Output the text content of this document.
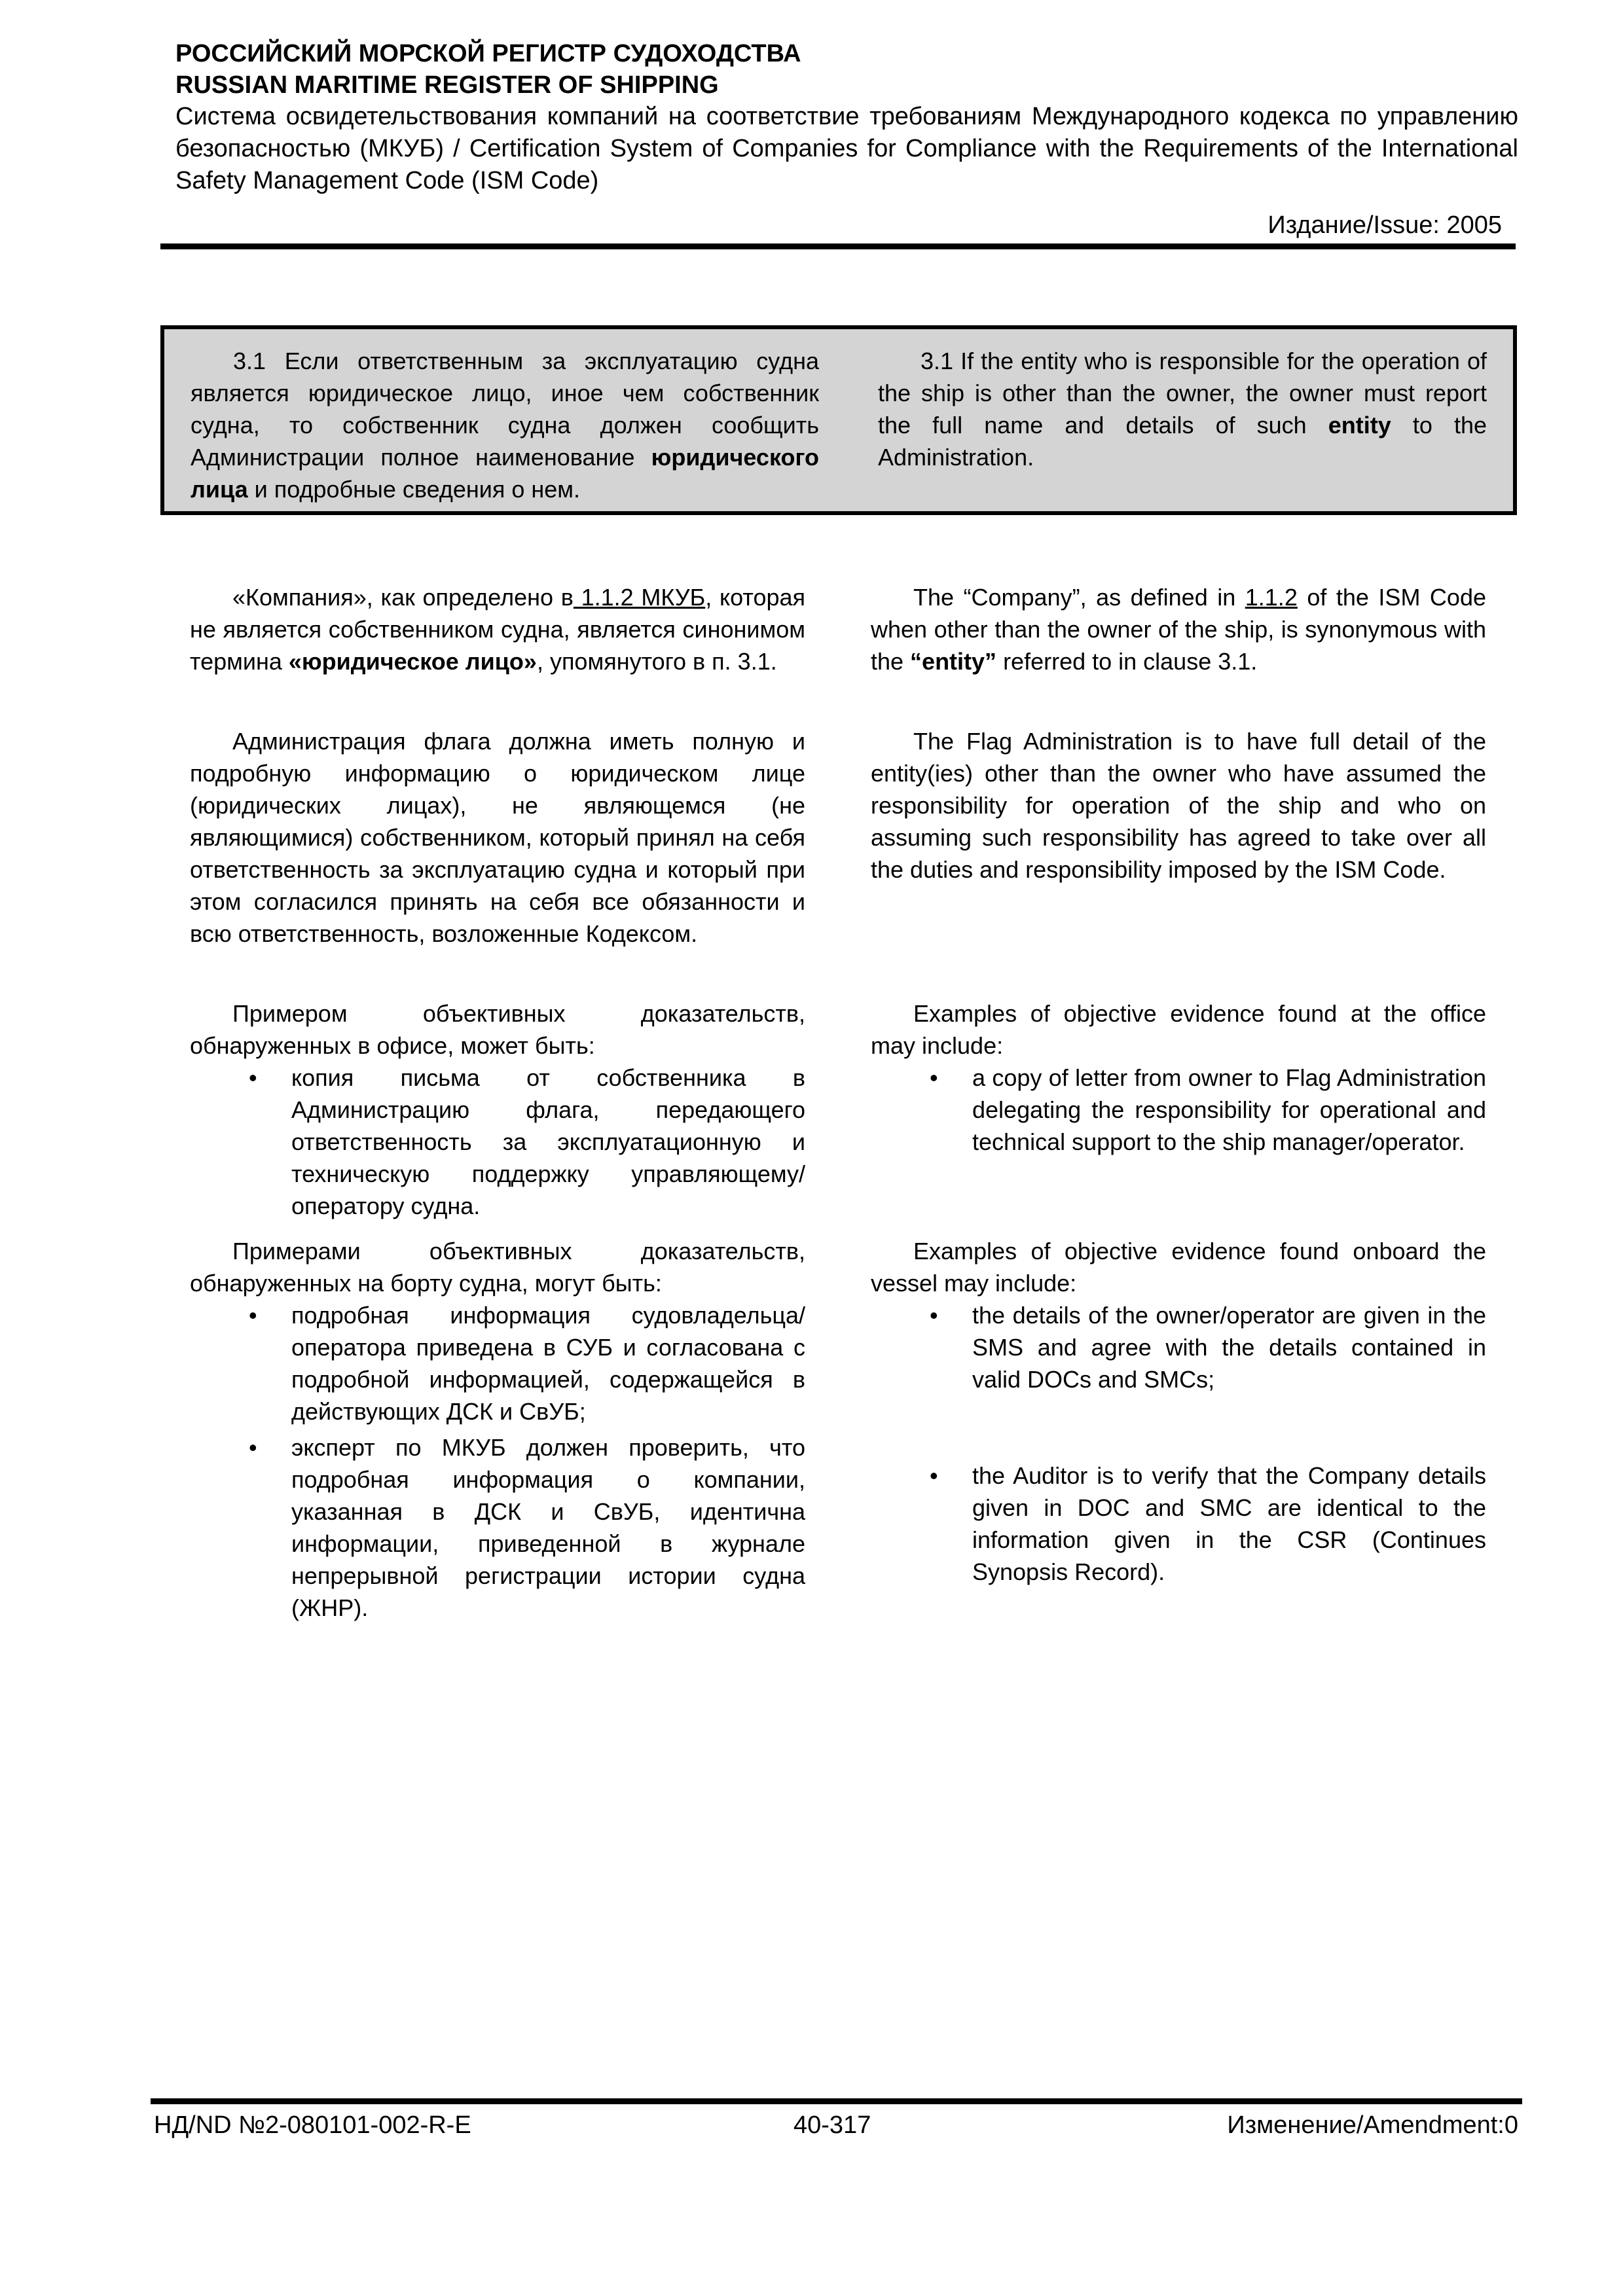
РОССИЙСКИЙ МОРСКОЙ РЕГИСТР СУДОХОДСТВА
RUSSIAN MARITIME REGISTER OF SHIPPING
Система освидетельствования компаний на соответствие требованиям Международного кодекса по управлению безопасностью (МКУБ) / Certification System of Companies for Compliance with the Requirements of the International Safety Management Code (ISM Code)
Издание/Issue: 2005
3.1 Если ответственным за эксплуатацию судна является юридическое лицо, иное чем собственник судна, то собственник судна должен сообщить Администрации полное наименование юридического лица и подробные сведения о нем.
3.1 If the entity who is responsible for the operation of the ship is other than the owner, the owner must report the full name and details of such entity to the Administration.
«Компания», как определено в 1.1.2 МКУБ, которая не является собственником судна, является синонимом термина «юридическое лицо», упомянутого в п. 3.1.
Администрация флага должна иметь полную и подробную информацию о юридическом лице (юридических лицах), не являющемся (не являющимися) собственником, который принял на себя ответственность за эксплуатацию судна и который при этом согласился принять на себя все обязанности и всю ответственность, возложенные Кодексом.
Примером объективных доказательств, обнаруженных в офисе, может быть:
• копия письма от собственника в Администрацию флага, передающего ответственность за эксплуатационную и техническую поддержку управляющему/оператору судна.
Примерами объективных доказательств, обнаруженных на борту судна, могут быть:
• подробная информация судовладельца/оператора приведена в СУБ и согласована с подробной информацией, содержащейся в действующих ДСК и СвУБ;
• эксперт по МКУБ должен проверить, что подробная информация о компании, указанная в ДСК и СвУБ, идентична информации, приведенной в журнале непрерывной регистрации истории судна (ЖНР).
The “Company”, as defined in 1.1.2 of the ISM Code when other than the owner of the ship, is synonymous with the “entity” referred to in clause 3.1.
The Flag Administration is to have full detail of the entity(ies) other than the owner who have assumed the responsibility for operation of the ship and who on assuming such responsibility has agreed to take over all the duties and responsibility imposed by the ISM Code.
Examples of objective evidence found at the office may include:
• a copy of letter from owner to Flag Administration delegating the responsibility for operational and technical support to the ship manager/operator.
Examples of objective evidence found onboard the vessel may include:
• the details of the owner/operator are given in the SMS and agree with the details contained in valid DOCs and SMCs;
• the Auditor is to verify that the Company details given in DOC and SMC are identical to the information given in the CSR (Continues Synopsis Record).
НД/ND №2-080101-002-R-E	40-317	Изменение/Amendment:0
